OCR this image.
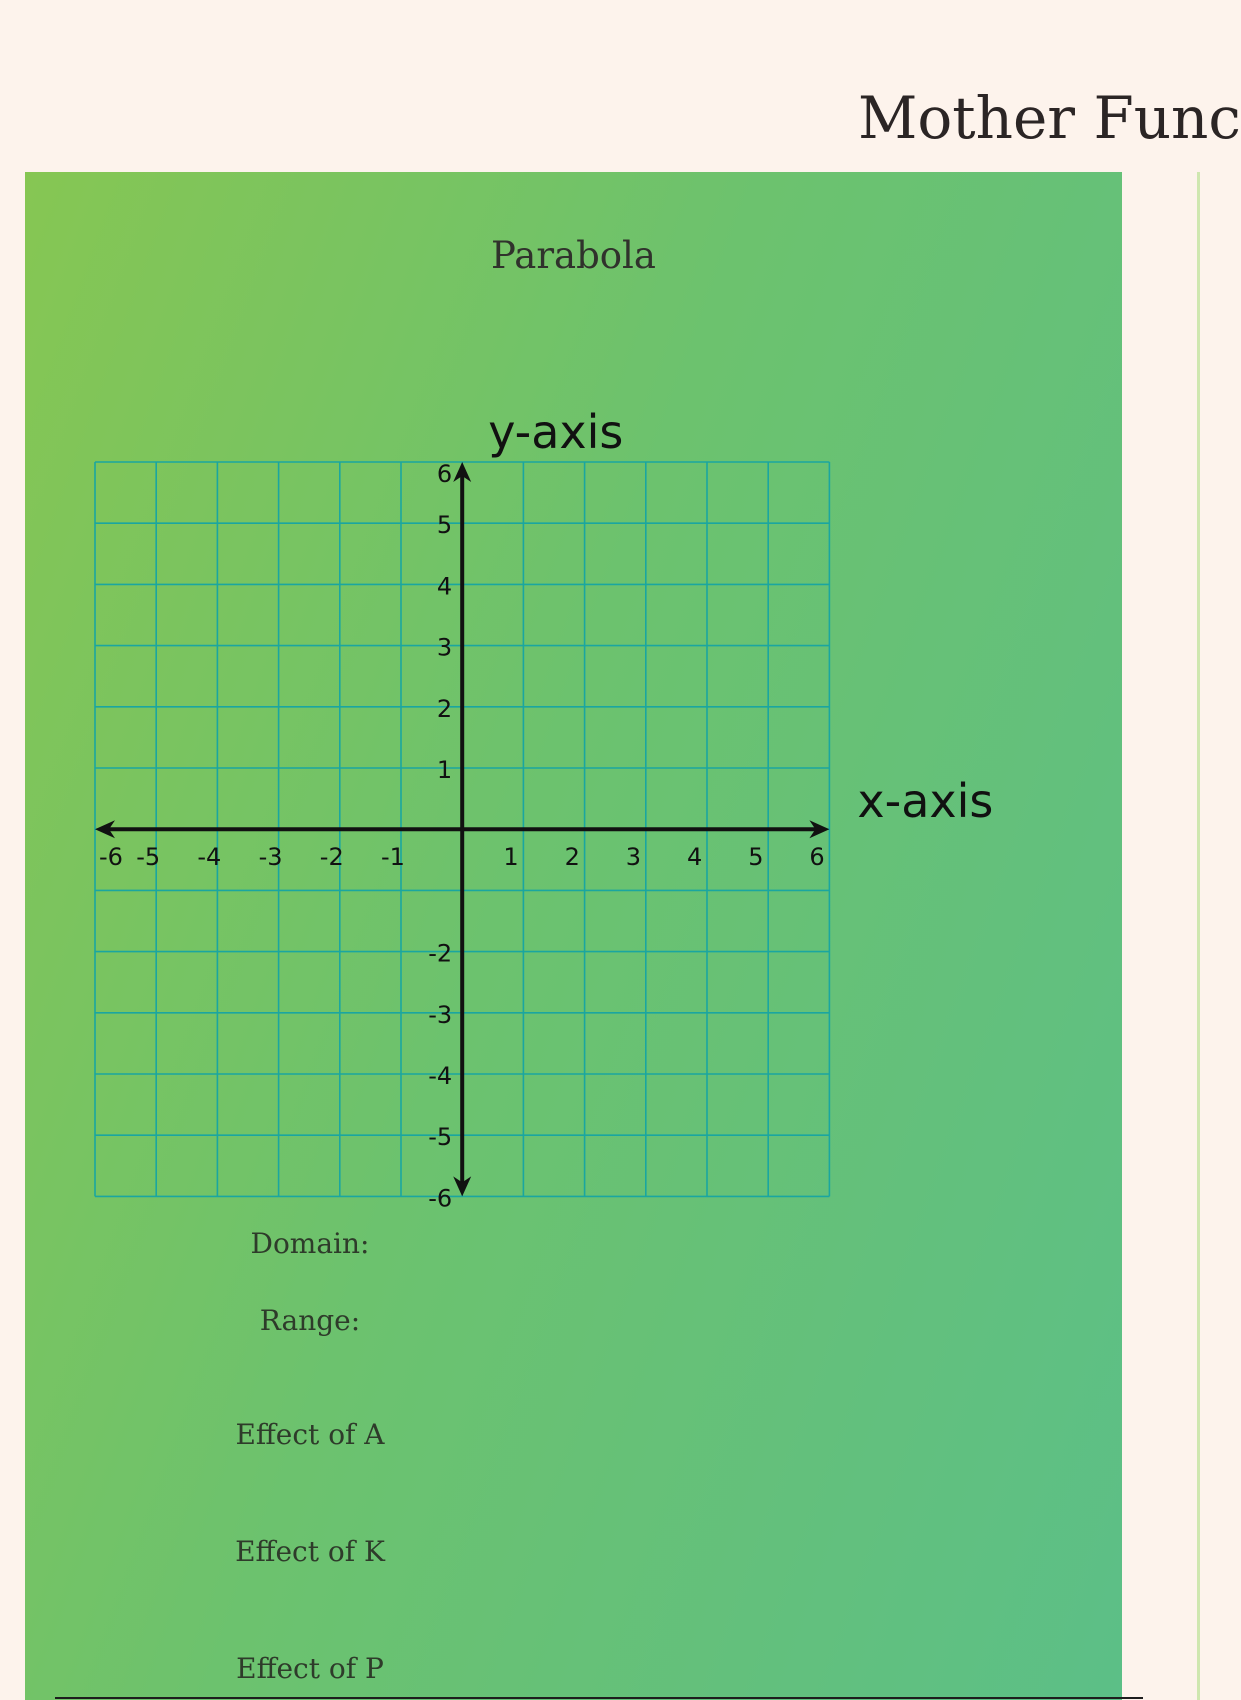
Mother Func
Parabola
-6 -5 -4 -3 -2 -1	1 2 3 4 5 6
6
5
4
3
2
1
-2
-3
-4
-5
-6
y-axis
x-axis
Domain:
Range:
Effect of A
Effect of K
Effect of P
